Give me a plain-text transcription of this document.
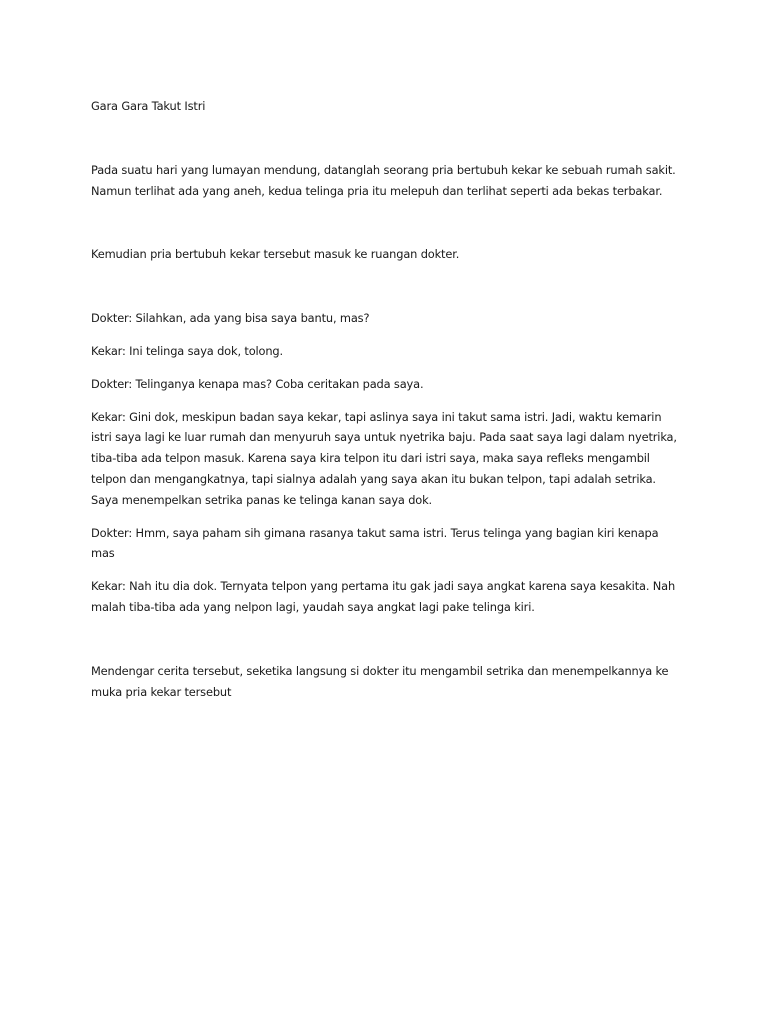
Gara Gara Takut Istri

Pada suatu hari yang lumayan mendung, datanglah seorang pria bertubuh kekar ke sebuah rumah sakit. Namun terlihat ada yang aneh, kedua telinga pria itu melepuh dan terlihat seperti ada bekas terbakar.

Kemudian pria bertubuh kekar tersebut masuk ke ruangan dokter.

Dokter: Silahkan, ada yang bisa saya bantu, mas?

Kekar: Ini telinga saya dok, tolong.

Dokter: Telinganya kenapa mas? Coba ceritakan pada saya.

Kekar: Gini dok, meskipun badan saya kekar, tapi aslinya saya ini takut sama istri. Jadi, waktu kemarin istri saya lagi ke luar rumah dan menyuruh saya untuk nyetrika baju. Pada saat saya lagi dalam nyetrika, tiba-tiba ada telpon masuk. Karena saya kira telpon itu dari istri saya, maka saya refleks mengambil telpon dan mengangkatnya, tapi sialnya adalah yang saya akan itu bukan telpon, tapi adalah setrika. Saya menempelkan setrika panas ke telinga kanan saya dok.

Dokter: Hmm, saya paham sih gimana rasanya takut sama istri. Terus telinga yang bagian kiri kenapa mas

Kekar: Nah itu dia dok. Ternyata telpon yang pertama itu gak jadi saya angkat karena saya kesakita. Nah malah tiba-tiba ada yang nelpon lagi, yaudah saya angkat lagi pake telinga kiri.

Mendengar cerita tersebut, seketika langsung si dokter itu mengambil setrika dan menempelkannya ke muka pria kekar tersebut
